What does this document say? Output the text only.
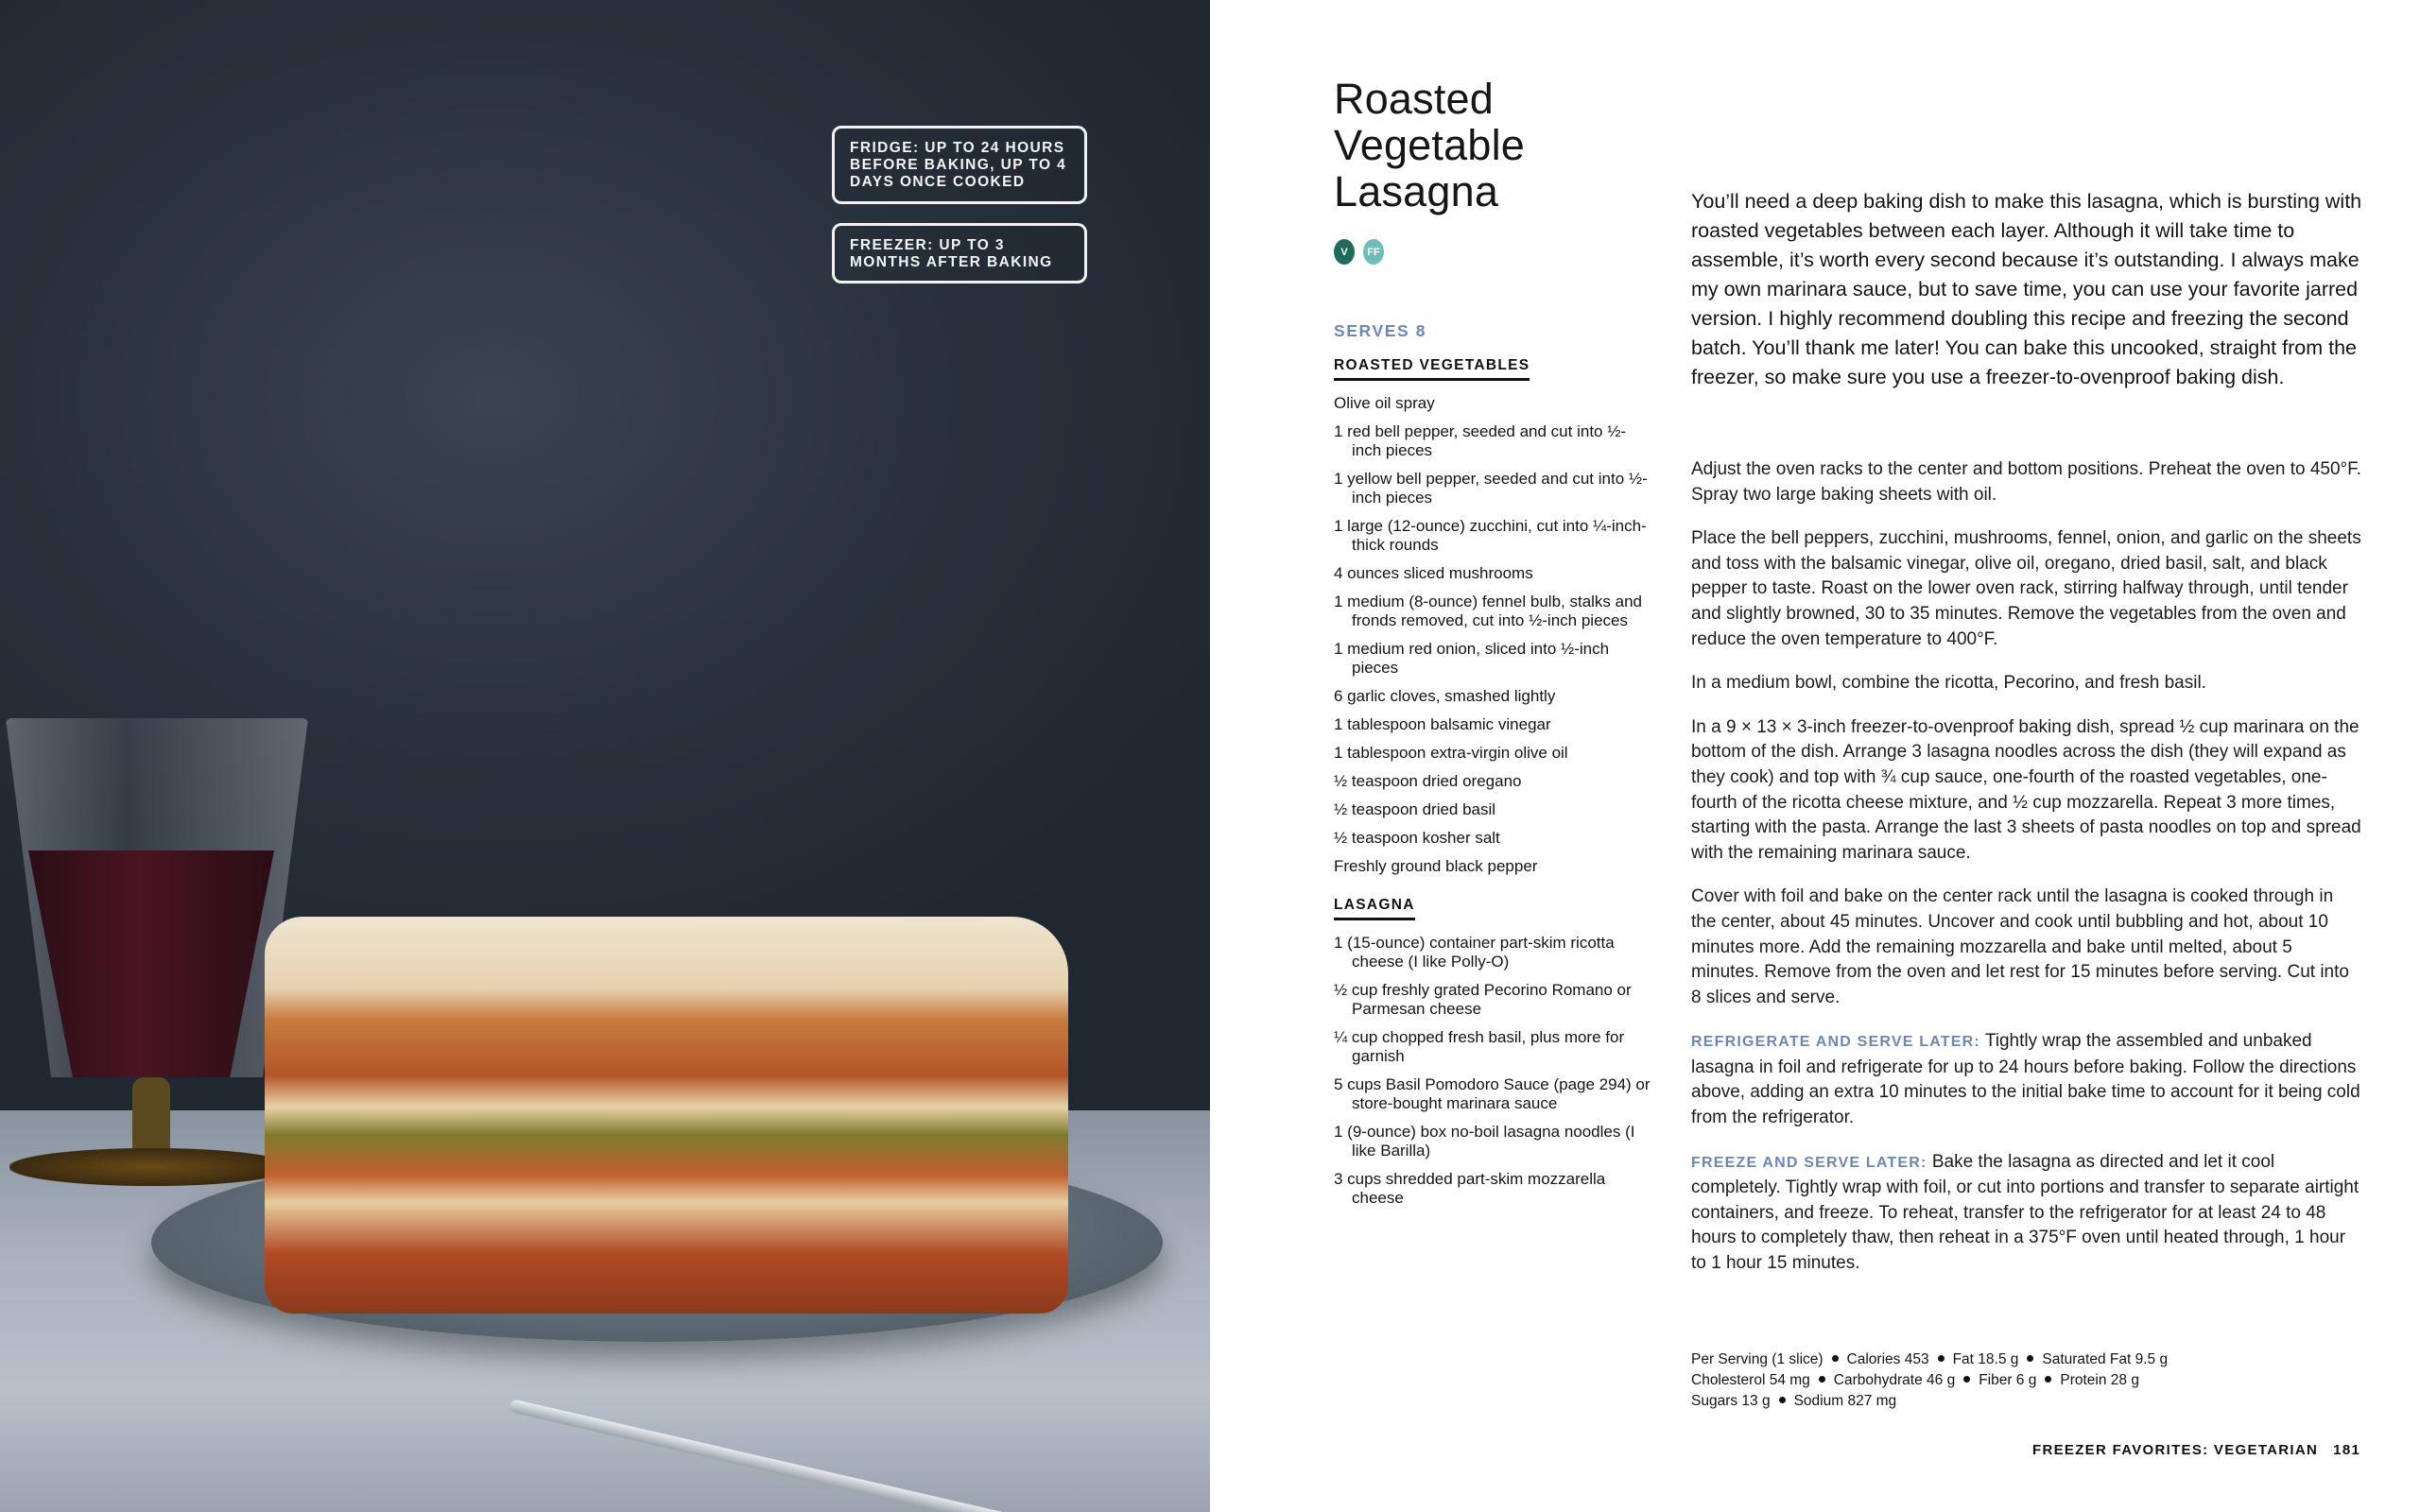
FRIDGE: UP TO 24 HOURS BEFORE BAKING, UP TO 4 DAYS ONCE COOKED
FREEZER: UP TO 3 MONTHS AFTER BAKING
Roasted Vegetable Lasagna
V	FF
SERVES 8
ROASTED VEGETABLES
Olive oil spray
1 red bell pepper, seeded and cut into ½-inch pieces
1 yellow bell pepper, seeded and cut into ½-inch pieces
1 large (12-ounce) zucchini, cut into ¼-inch-thick rounds
4 ounces sliced mushrooms
1 medium (8-ounce) fennel bulb, stalks and fronds removed, cut into ½-inch pieces
1 medium red onion, sliced into ½-inch pieces
6 garlic cloves, smashed lightly
1 tablespoon balsamic vinegar
1 tablespoon extra-virgin olive oil
½ teaspoon dried oregano
½ teaspoon dried basil
½ teaspoon kosher salt
Freshly ground black pepper
LASAGNA
1 (15-ounce) container part-skim ricotta cheese (I like Polly-O)
½ cup freshly grated Pecorino Romano or Parmesan cheese
¼ cup chopped fresh basil, plus more for garnish
5 cups Basil Pomodoro Sauce (page 294) or store-bought marinara sauce
1 (9-ounce) box no-boil lasagna noodles (I like Barilla)
3 cups shredded part-skim mozzarella cheese

You’ll need a deep baking dish to make this lasagna, which is bursting with roasted vegetables between each layer. Although it will take time to assemble, it’s worth every second because it’s outstanding. I always make my own marinara sauce, but to save time, you can use your favorite jarred version. I highly recommend doubling this recipe and freezing the second batch. You’ll thank me later! You can bake this uncooked, straight from the freezer, so make sure you use a freezer-to-ovenproof baking dish.

Adjust the oven racks to the center and bottom positions. Preheat the oven to 450°F. Spray two large baking sheets with oil.

Place the bell peppers, zucchini, mushrooms, fennel, onion, and garlic on the sheets and toss with the balsamic vinegar, olive oil, oregano, dried basil, salt, and black pepper to taste. Roast on the lower oven rack, stirring halfway through, until tender and slightly browned, 30 to 35 minutes. Remove the vegetables from the oven and reduce the oven temperature to 400°F.

In a medium bowl, combine the ricotta, Pecorino, and fresh basil.

In a 9 × 13 × 3-inch freezer-to-ovenproof baking dish, spread ½ cup marinara on the bottom of the dish. Arrange 3 lasagna noodles across the dish (they will expand as they cook) and top with ¾ cup sauce, one-fourth of the roasted vegetables, one-fourth of the ricotta cheese mixture, and ½ cup mozzarella. Repeat 3 more times, starting with the pasta. Arrange the last 3 sheets of pasta noodles on top and spread with the remaining marinara sauce.

Cover with foil and bake on the center rack until the lasagna is cooked through in the center, about 45 minutes. Uncover and cook until bubbling and hot, about 10 minutes more. Add the remaining mozzarella and bake until melted, about 5 minutes. Remove from the oven and let rest for 15 minutes before serving. Cut into 8 slices and serve.

REFRIGERATE AND SERVE LATER: Tightly wrap the assembled and unbaked lasagna in foil and refrigerate for up to 24 hours before baking. Follow the directions above, adding an extra 10 minutes to the initial bake time to account for it being cold from the refrigerator.

FREEZE AND SERVE LATER: Bake the lasagna as directed and let it cool completely. Tightly wrap with foil, or cut into portions and transfer to separate airtight containers, and freeze. To reheat, transfer to the refrigerator for at least 24 to 48 hours to completely thaw, then reheat in a 375°F oven until heated through, 1 hour to 1 hour 15 minutes.

Per Serving (1 slice) Calories 453 Fat 18.5 g Saturated Fat 9.5 g
Cholesterol 54 mg Carbohydrate 46 g Fiber 6 g Protein 28 g
Sugars 13 g Sodium 827 mg
FREEZER FAVORITES: VEGETARIAN 181
